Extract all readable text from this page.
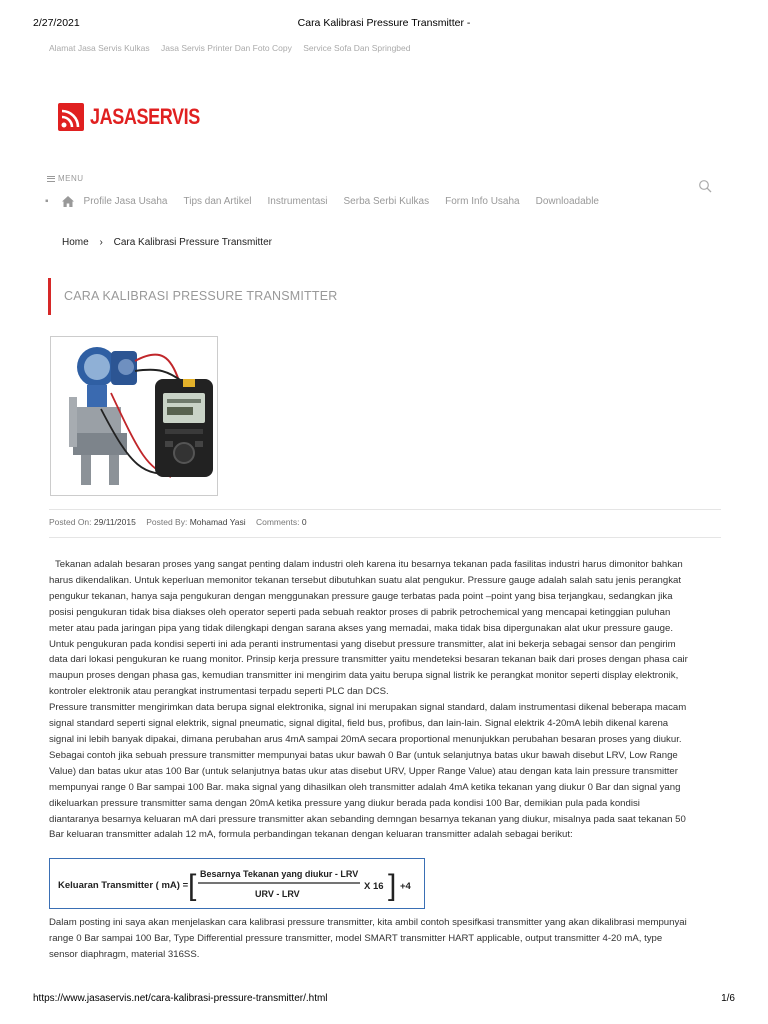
2/27/2021	Cara Kalibrasi Pressure Transmitter -
Alamat Jasa Servis Kulkas Jasa Servis Printer Dan Foto Copy Service Sofa Dan Springbed
JASASERVIS
MENU
▪	Profile Jasa Usaha Tips dan Artikel Instrumentasi Serba Serbi Kulkas Form Info Usaha Downloadable
Home › Cara Kalibrasi Pressure Transmitter
CARA KALIBRASI PRESSURE TRANSMITTER
Posted On: 29/11/2015 Posted By: Mohamad Yasi Comments: 0

Tekanan adalah besaran proses yang sangat penting dalam industri oleh karena itu besarnya tekanan pada fasilitas industri harus dimonitor bahkan

harus dikendalikan. Untuk keperluan memonitor tekanan tersebut dibutuhkan suatu alat pengukur. Pressure gauge adalah salah satu jenis perangkat

pengukur tekanan, hanya saja pengukuran dengan menggunakan pressure gauge terbatas pada point –point yang bisa terjangkau, sedangkan jika

posisi pengukuran tidak bisa diakses oleh operator seperti pada sebuah reaktor proses di pabrik petrochemical yang mencapai ketinggian puluhan

meter atau pada jaringan pipa yang tidak dilengkapi dengan sarana akses yang memadai, maka tidak bisa dipergunakan alat ukur pressure gauge.

Untuk pengukuran pada kondisi seperti ini ada peranti instrumentasi yang disebut pressure transmitter, alat ini bekerja sebagai sensor dan pengirim

data dari lokasi pengukuran ke ruang monitor. Prinsip kerja pressure transmitter yaitu mendeteksi besaran tekanan baik dari proses dengan phasa cair

maupun proses dengan phasa gas, kemudian transmitter ini mengirim data yaitu berupa signal listrik ke perangkat monitor seperti display elektronik,

kontroler elektronik atau perangkat instrumentasi terpadu seperti PLC dan DCS.

Pressure transmitter mengirimkan data berupa signal elektronika, signal ini merupakan signal standard, dalam instrumentasi dikenal beberapa macam

signal standard seperti signal elektrik, signal pneumatic, signal digital, field bus, profibus, dan lain-lain. Signal elektrik 4-20mA lebih dikenal karena

signal ini lebih banyak dipakai, dimana perubahan arus 4mA sampai 20mA secara proportional menunjukkan perubahan besaran proses yang diukur.

Sebagai contoh jika sebuah pressure transmitter mempunyai batas ukur bawah 0 Bar (untuk selanjutnya batas ukur bawah disebut LRV, Low Range

Value) dan batas ukur atas 100 Bar (untuk selanjutnya batas ukur atas disebut URV, Upper Range Value) atau dengan kata lain pressure transmitter

mempunyai range 0 Bar sampai 100 Bar. maka signal yang dihasilkan oleh transmitter adalah 4mA ketika tekanan yang diukur 0 Bar dan signal yang

dikeluarkan pressure transmitter sama dengan 20mA ketika pressure yang diukur berada pada kondisi 100 Bar, demikian pula pada kondisi

diantaranya besarnya keluaran mA dari pressure transmitter akan sebanding demngan besarnya tekanan yang diukur, misalnya pada saat tekanan 50

Bar keluaran transmitter adalah 12 mA, formula perbandingan tekanan dengan keluaran transmitter adalah sebagai berikut:

Keluaran Transmitter ( mA) = [ Besarnya Tekanan yang diukur - LRV
URV - LRV
X 16 ] +4

Dalam posting ini saya akan menjelaskan cara kalibrasi pressure transmitter, kita ambil contoh spesifkasi transmitter yang akan dikalibrasi mempunyai

range 0 Bar sampai 100 Bar, Type Differential pressure transmitter, model SMART transmitter HART applicable, output transmitter 4-20 mA, type

sensor diaphragm, material 316SS.

https://www.jasaservis.net/cara-kalibrasi-pressure-transmitter/.html	1/6
